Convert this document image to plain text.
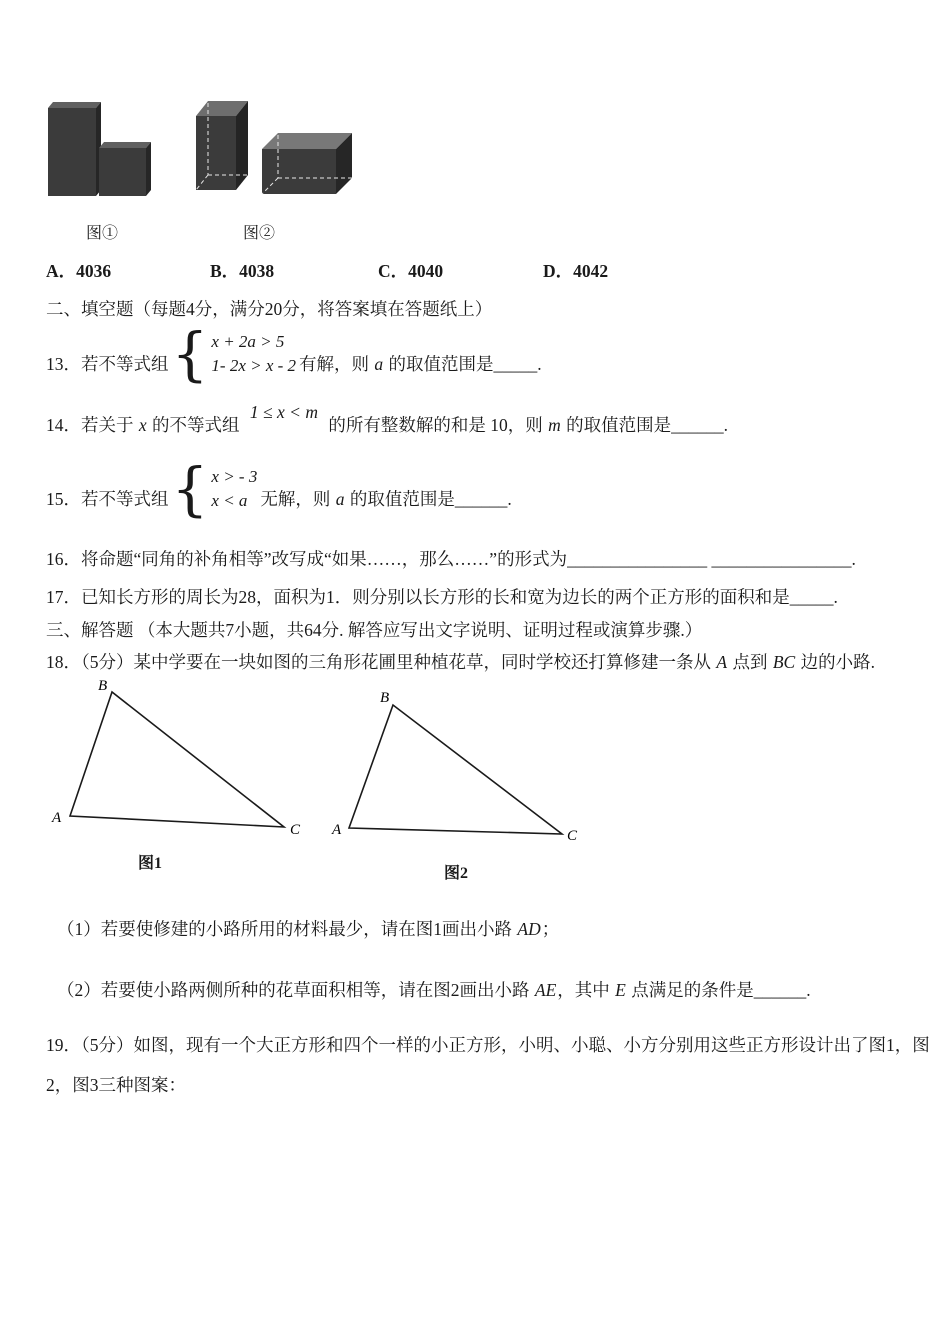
图①	图②
A．4036	B．4038	C．4040	D．4042
二、填空题（每题4分，满分20分，将答案填在答题纸上）
13．若不等式组 { x + 2a > 5
1- 2x > x - 2 有解，则 a 的取值范围是_____.
14．若关于 x 的不等式组 1 ≤ x < m 的所有整数解的和是 10，则 m 的取值范围是______.
15．若不等式组 { x > - 3
x < a 无解，则 a 的取值范围是______.
16．将命题“同角的补角相等”改写成“如果……，那么……”的形式为________________ ________________.
17．已知长方形的周长为28，面积为1．则分别以长方形的长和宽为边长的两个正方形的面积和是_____.
三、解答题 （本大题共7小题，共64分. 解答应写出文字说明、证明过程或演算步骤.）
18．（5分）某中学要在一块如图的三角形花圃里种植花草，同时学校还打算修建一条从 A 点到 BC 边的小路.
B
A
C
B
A	C
图1
图2
（1）若要使修建的小路所用的材料最少，请在图1画出小路 AD；
（2）若要使小路两侧所种的花草面积相等，请在图2画出小路 AE，其中 E 点满足的条件是______.
19．（5分）如图，现有一个大正方形和四个一样的小正方形，小明、小聪、小方分别用这些正方形设计出了图1，图
2，图3三种图案：
